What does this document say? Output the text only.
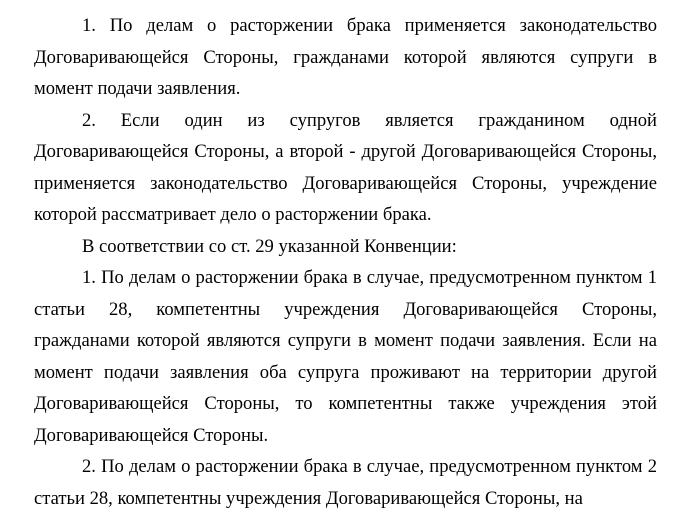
1. По делам о расторжении брака применяется законодательство Договаривающейся Стороны, гражданами которой являются супруги в момент подачи заявления.

2. Если один из супругов является гражданином одной Договаривающейся Стороны, а второй - другой Договаривающейся Стороны, применяется законодательство Договаривающейся Стороны, учреждение которой рассматривает дело о расторжении брака.

В соответствии со ст. 29 указанной Конвенции:

1. По делам о расторжении брака в случае, предусмотренном пунктом 1 статьи 28, компетентны учреждения Договаривающейся Стороны, гражданами которой являются супруги в момент подачи заявления. Если на момент подачи заявления оба супруга проживают на территории другой Договаривающейся Стороны, то компетентны также учреждения этой Договаривающейся Стороны.

2. По делам о расторжении брака в случае, предусмотренном пунктом 2 статьи 28, компетентны учреждения Договаривающейся Стороны, на
